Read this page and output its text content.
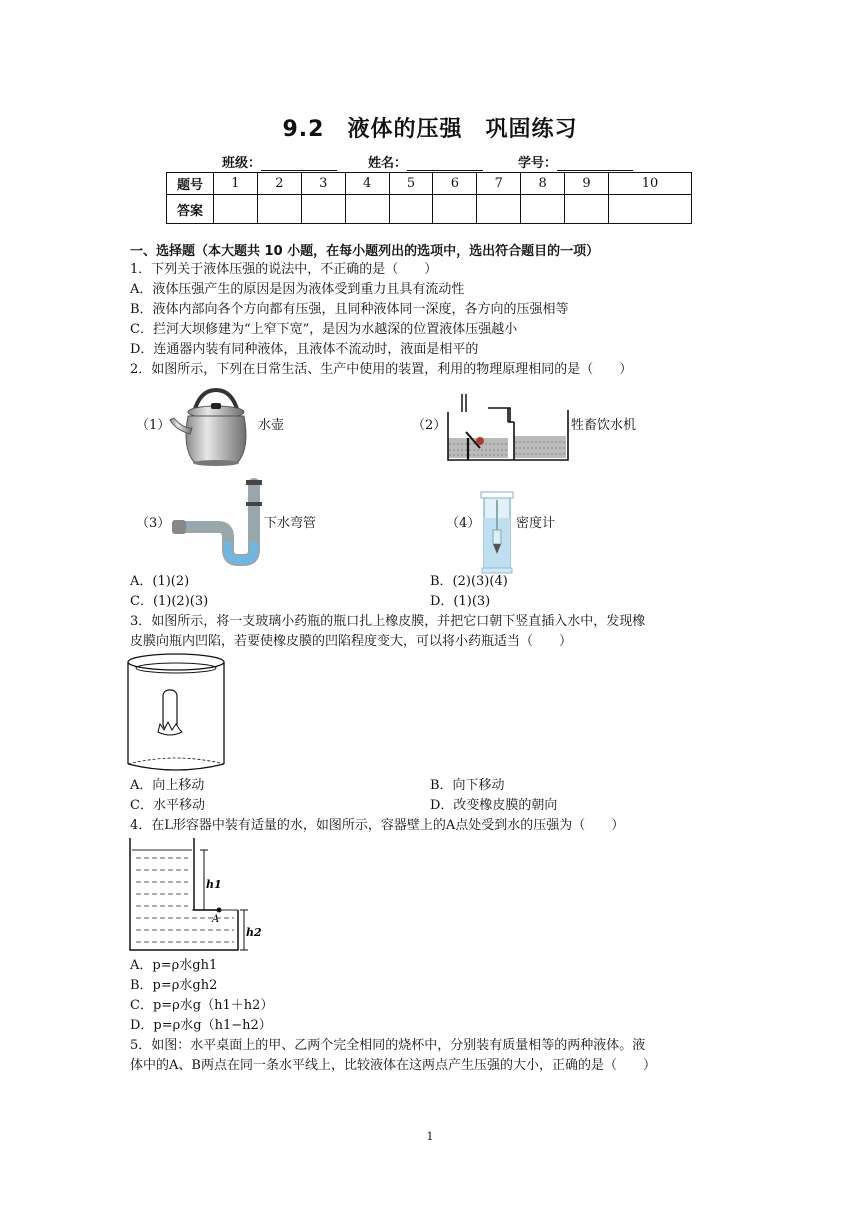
9.2　液体的压强　巩固练习
班级：	姓名：	学号：
题号	1	2	3	4	5	6	7	8	9	10
答案										
一、选择题（本大题共 10 小题，在每小题列出的选项中，选出符合题目的一项）
1．下列关于液体压强的说法中，不正确的是（　　）
A．液体压强产生的原因是因为液体受到重力且具有流动性
B．液体内部向各个方向都有压强，且同种液体同一深度，各方向的压强相等
C．拦河大坝修建为“上窄下宽”，是因为水越深的位置液体压强越小
D．连通器内装有同种液体，且液体不流动时，液面是相平的
2．如图所示，下列在日常生活、生产中使用的装置，利用的物理原理相同的是（　　）
（1）	水壶	（2）	牲畜饮水机
（3）	下水弯管	（4）	密度计
A．(1)(2)	B．(2)(3)(4)
C．(1)(2)(3)	D．(1)(3)
3．如图所示，将一支玻璃小药瓶的瓶口扎上橡皮膜，并把它口朝下竖直插入水中，发现橡
皮膜向瓶内凹陷，若要使橡皮膜的凹陷程度变大，可以将小药瓶适当（　　）
A．向上移动	B．向下移动
C．水平移动	D．改变橡皮膜的朝向
4．在L形容器中装有适量的水，如图所示，容器壁上的A点处受到水的压强为（　　）
h1
h2
A
A．p=ρ水gh1
B．p=ρ水gh2
C．p=ρ水g（h1＋h2）
D．p=ρ水g（h1−h2）
5．如图：水平桌面上的甲、乙两个完全相同的烧杯中，分别装有质量相等的两种液体。液
体中的A、B两点在同一条水平线上，比较液体在这两点产生压强的大小，正确的是（　　）
1
